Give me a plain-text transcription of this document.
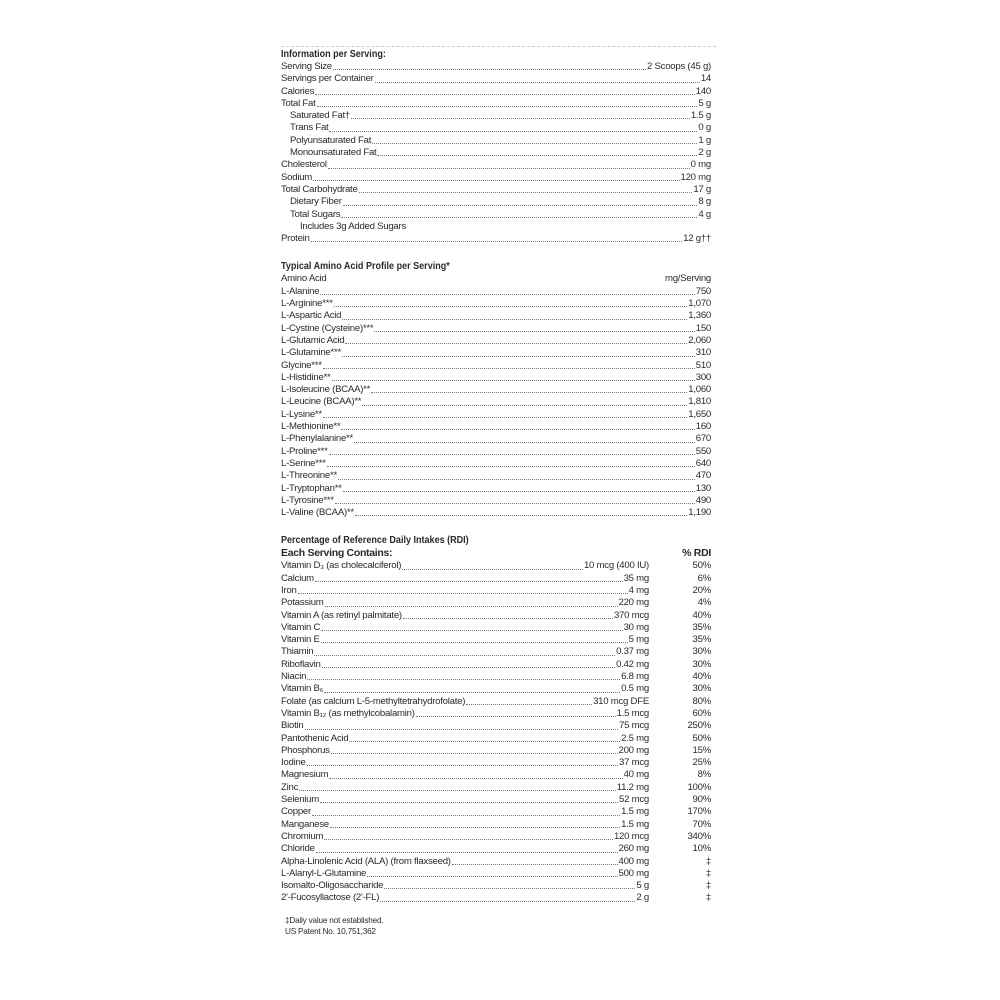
Information per Serving:
Serving Size	2 Scoops (45 g)
Servings per Container	14
Calories	140
Total Fat	5 g
Saturated Fat†	1.5 g
Trans Fat	0 g
Polyunsaturated Fat	1 g
Monounsaturated Fat	2 g
Cholesterol	0 mg
Sodium	120 mg
Total Carbohydrate	17 g
Dietary Fiber	8 g
Total Sugars	4 g
Includes 3g Added Sugars
Protein	12 g††
Typical Amino Acid Profile per Serving*
Amino Acid	mg/Serving
L-Alanine	750
L-Arginine***	1,070
L-Aspartic Acid	1,360
L-Cystine (Cysteine)***	150
L-Glutamic Acid	2,060
L-Glutamine***	310
Glycine***	510
L-Histidine**	300
L-Isoleucine (BCAA)**	1,060
L-Leucine (BCAA)**	1,810
L-Lysine**	1,650
L-Methionine**	160
L-Phenylalanine**	670
L-Proline***	550
L-Serine***	640
L-Threonine**	470
L-Tryptophan**	130
L-Tyrosine***	490
L-Valine (BCAA)**	1,190
Percentage of Reference Daily Intakes (RDI)
Each Serving Contains:	% RDI
Vitamin D₃ (as cholecalciferol)	10 mcg (400 IU)	50%
Calcium	35 mg	6%
Iron	4 mg	20%
Potassium	220 mg	4%
Vitamin A (as retinyl palmitate)	370 mcg	40%
Vitamin C	30 mg	35%
Vitamin E	5 mg	35%
Thiamin	0.37 mg	30%
Riboflavin	0.42 mg	30%
Niacin	6.8 mg	40%
Vitamin B₆	0.5 mg	30%
Folate (as calcium L-5-methyltetrahydrofolate)	310 mcg DFE	80%
Vitamin B₁₂ (as methylcobalamin)	1.5 mcg	60%
Biotin	75 mcg	250%
Pantothenic Acid	2.5 mg	50%
Phosphorus	200 mg	15%
Iodine	37 mcg	25%
Magnesium	40 mg	8%
Zinc	11.2 mg	100%
Selenium	52 mcg	90%
Copper	1.5 mg	170%
Manganese	1.5 mg	70%
Chromium	120 mcg	340%
Chloride	260 mg	10%
Alpha-Linolenic Acid (ALA) (from flaxseed)	400 mg	‡
L-Alanyl-L-Glutamine	500 mg	‡
Isomalto-Oligosaccharide	5 g	‡
2'-Fucosyllactose (2'-FL)	2 g	‡
‡Daily value not established.
US Patent No. 10,751,362
